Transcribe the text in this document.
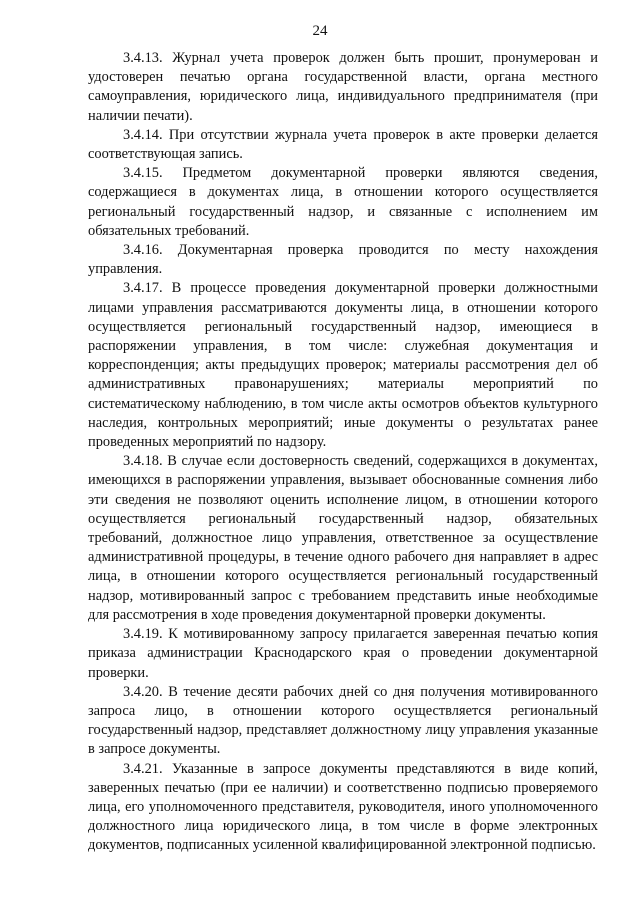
24

3.4.13. Журнал учета проверок должен быть прошит, пронумерован и удостоверен печатью органа государственной власти, органа местного самоуправления, юридического лица, индивидуального предпринимателя (при наличии печати).

3.4.14. При отсутствии журнала учета проверок в акте проверки делается соответствующая запись.

3.4.15. Предметом документарной проверки являются сведения, содержащиеся в документах лица, в отношении которого осуществляется региональный государственный надзор, и связанные с исполнением им обязательных требований.

3.4.16. Документарная проверка проводится по месту нахождения управления.

3.4.17. В процессе проведения документарной проверки должностными лицами управления рассматриваются документы лица, в отношении которого осуществляется региональный государственный надзор, имеющиеся в распоряжении управления, в том числе: служебная документация и корреспонденция; акты предыдущих проверок; материалы рассмотрения дел об административных правонарушениях; материалы мероприятий по систематическому наблюдению, в том числе акты осмотров объектов культурного наследия, контрольных мероприятий; иные документы о результатах ранее проведенных мероприятий по надзору.

3.4.18. В случае если достоверность сведений, содержащихся в документах, имеющихся в распоряжении управления, вызывает обоснованные сомнения либо эти сведения не позволяют оценить исполнение лицом, в отношении которого осуществляется региональный государственный надзор, обязательных требований, должностное лицо управления, ответственное за осуществление административной процедуры, в течение одного рабочего дня направляет в адрес лица, в отношении которого осуществляется региональный государственный надзор, мотивированный запрос с требованием представить иные необходимые для рассмотрения в ходе проведения документарной проверки документы.

3.4.19. К мотивированному запросу прилагается заверенная печатью копия приказа администрации Краснодарского края о проведении документарной проверки.

3.4.20. В течение десяти рабочих дней со дня получения мотивированного запроса лицо, в отношении которого осуществляется региональный государственный надзор, представляет должностному лицу управления указанные в запросе документы.

3.4.21. Указанные в запросе документы представляются в виде копий, заверенных печатью (при ее наличии) и соответственно подписью проверяемого лица, его уполномоченного представителя, руководителя, иного уполномоченного должностного лица юридического лица, в том числе в форме электронных документов, подписанных усиленной квалифицированной электронной подписью.
